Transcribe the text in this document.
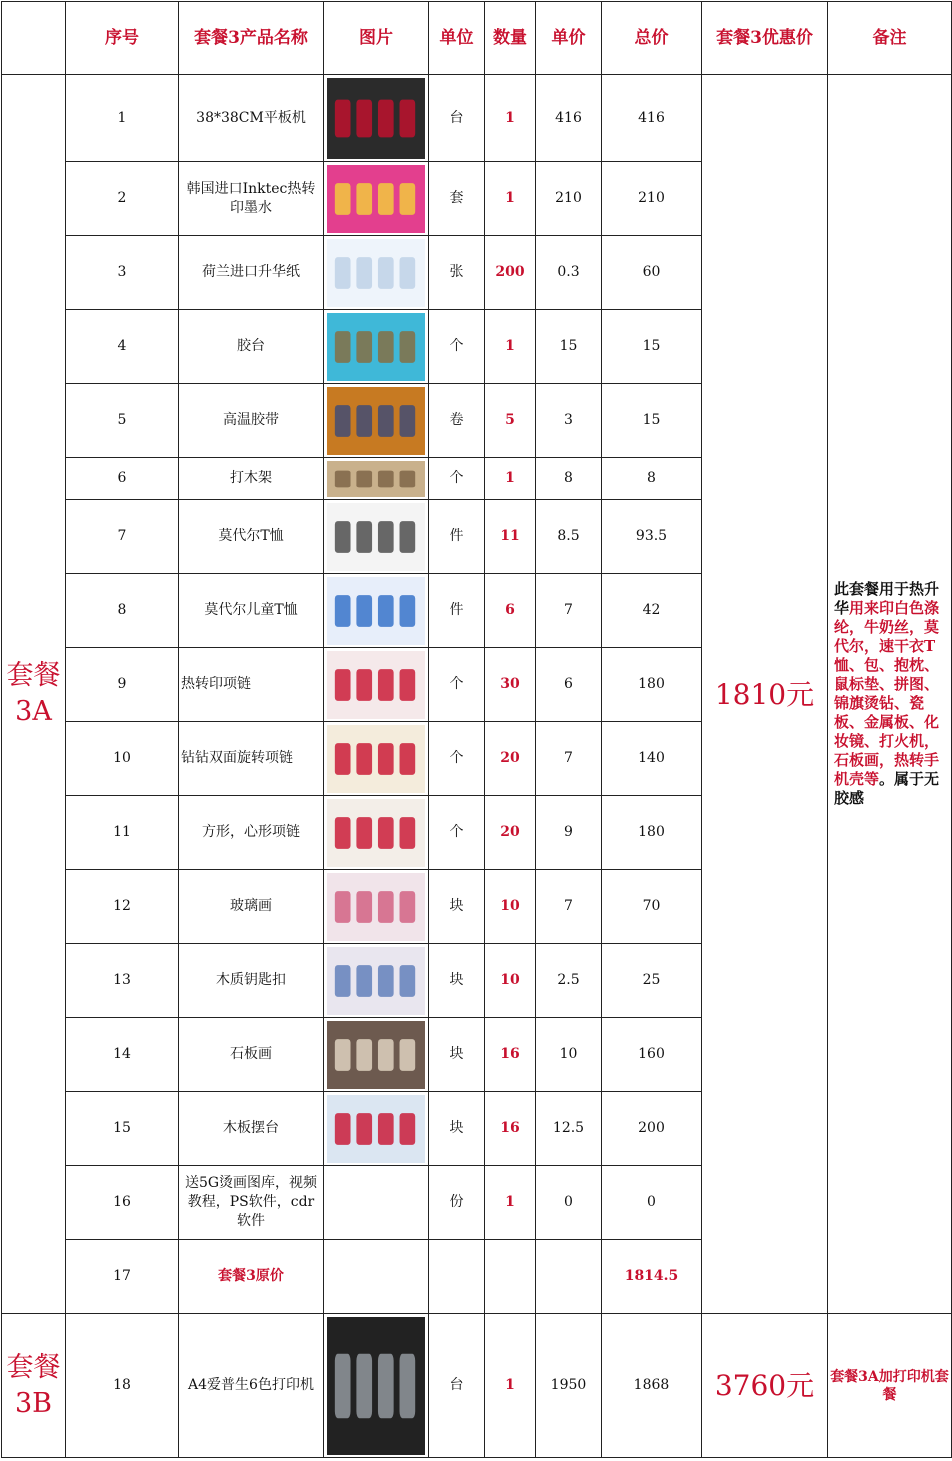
	序号	套餐3产品名称	图片	单位	数量	单价	总价	套餐3优惠价	备注

套餐
3A	1	38*38CM平板机		台	1	416	416	1810元	此套餐用于热升华用来印白色涤纶，牛奶丝，莫代尔，速干衣T恤、包、抱枕、鼠标垫、拼图、锦旗烫钻、瓷板、金属板、化妆镜、打火机，石板画，热转手机壳等。属于无胶感
	2	韩国进口Inktec热转印墨水		套	1	210	210		
	3	荷兰进口升华纸		张	200	0.3	60		
	4	胶台		个	1	15	15		
	5	高温胶带		卷	5	3	15		
	6	打木架		个	1	8	8		
	7	莫代尔T恤		件	11	8.5	93.5		
	8	莫代尔儿童T恤		件	6	7	42		
	9	热转印项链		个	30	6	180		
	10	钻钻双面旋转项链		个	20	7	140		
	11	方形，心形项链		个	20	9	180		
	12	玻璃画		块	10	7	70		
	13	木质钥匙扣		块	10	2.5	25		
	14	石板画		块	16	10	160		
	15	木板摆台		块	16	12.5	200		
	16	送5G烫画图库，视频教程，PS软件，cdr软件		份	1	0	0		
	17	套餐3原价					1814.5		

套餐
3B	18	A4爱普生6色打印机		台	1	1950	1868	3760元	套餐3A加打印机套餐
